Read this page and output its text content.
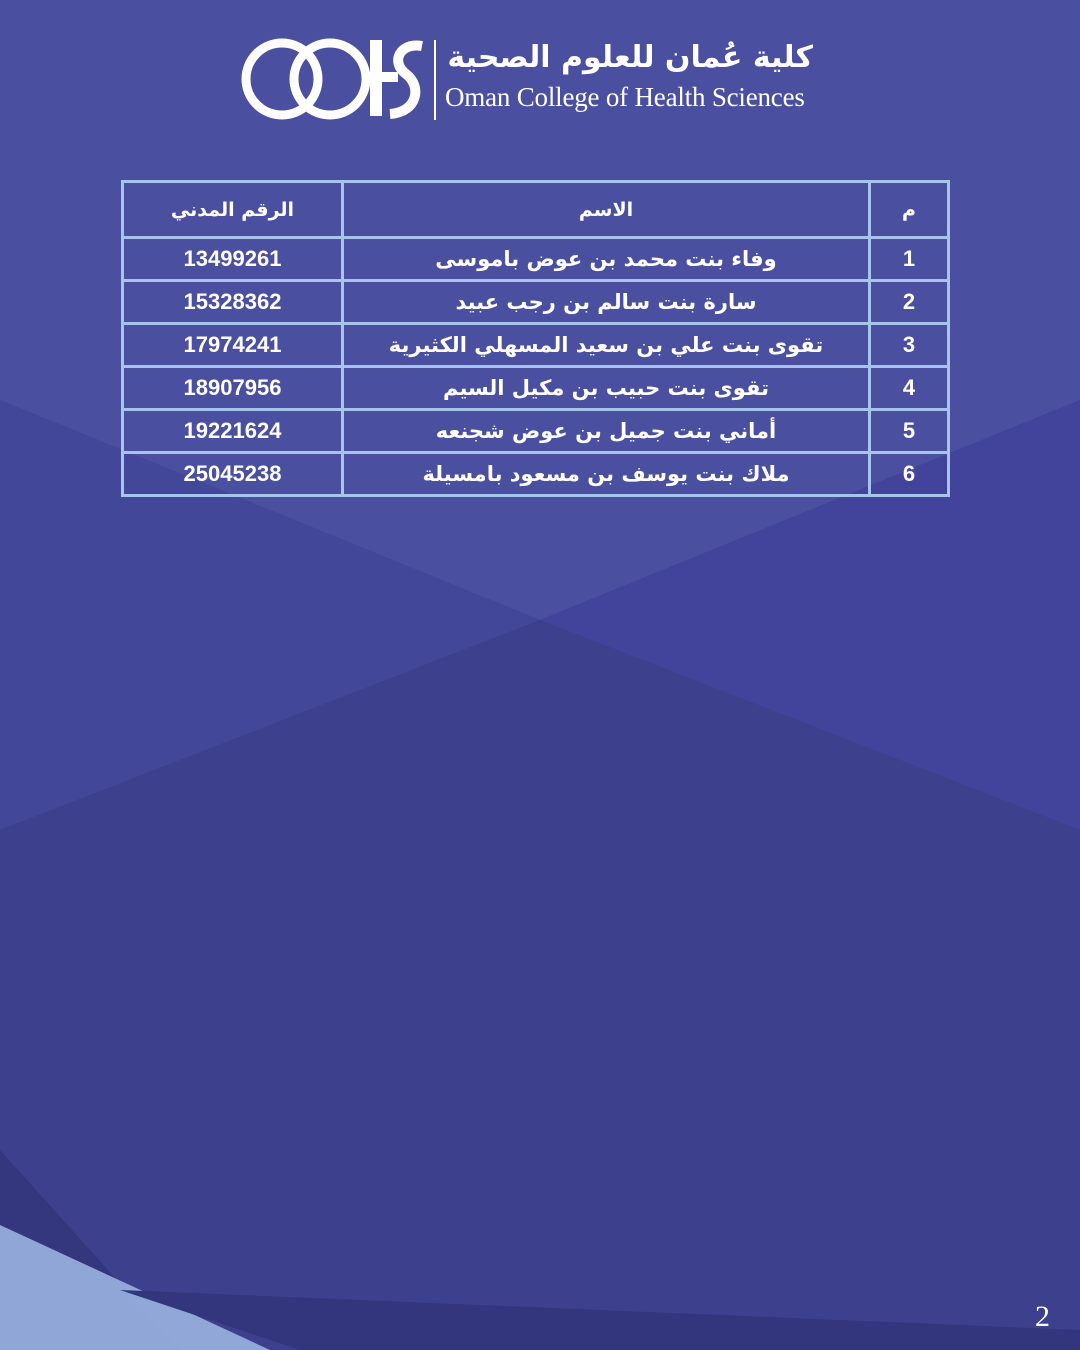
كلية عُمان للعلوم الصحية
Oman College of Health Sciences
م	الاسم	الرقم المدني
1	وفاء بنت محمد بن عوض باموسى	13499261
2	سارة بنت سالم بن رجب عبيد	15328362
3	تقوى بنت علي بن سعيد المسهلي الكثيرية	17974241
4	تقوى بنت حبيب بن مكيل السيم	18907956
5	أماني بنت جميل بن عوض شجنعه	19221624
6	ملاك بنت يوسف بن مسعود بامسيلة	25045238
2
